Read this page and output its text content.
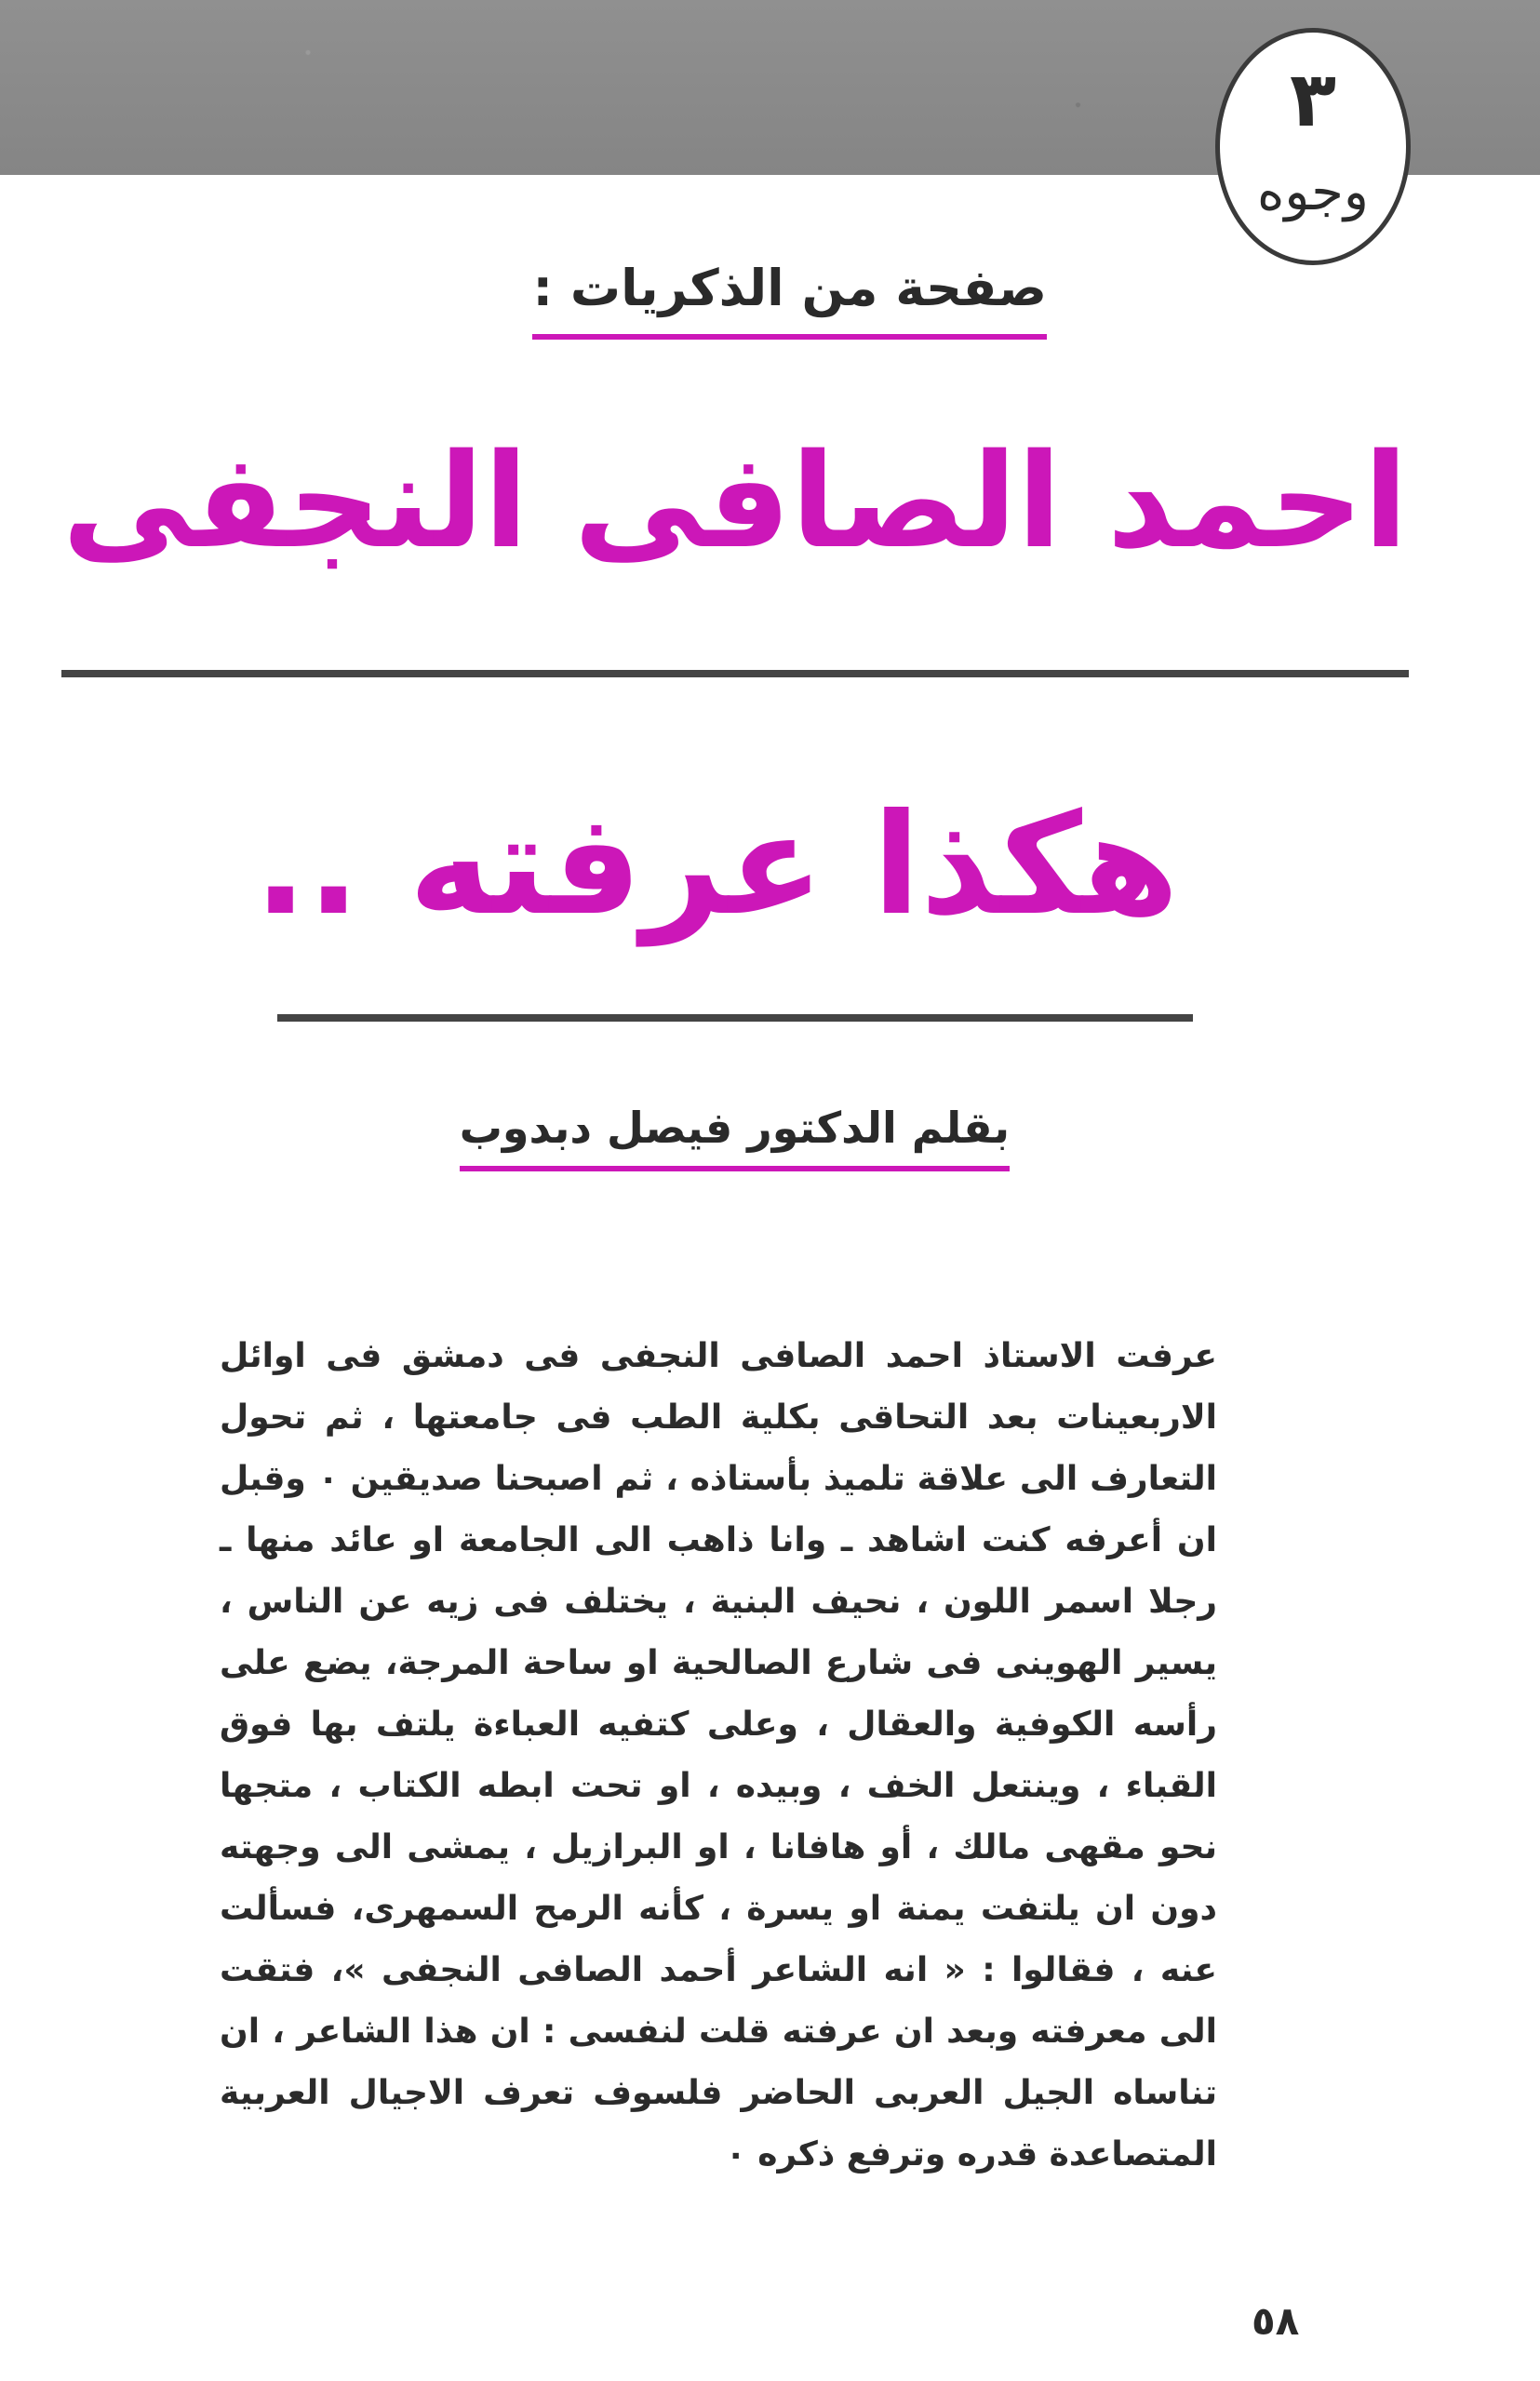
٣
وجوه
صفحة من الذكريات :
احمد الصافى النجفى
هكذا عرفته ..
بقلم الدكتور فيصل دبدوب

عرفت الاستاذ احمد الصافى النجفى فى دمشق فى اوائل الاربعينات بعد التحاقى بكلية الطب فى جامعتها ، ثم تحول التعارف الى علاقة تلميذ بأستاذه ، ثم اصبحنا صديقين ٠ وقبل ان أعرفه كنت اشاهد ـ وانا ذاهب الى الجامعة او عائد منها ـ رجلا اسمر اللون ، نحيف البنية ، يختلف فى زيه عن الناس ، يسير الهوينى فى شارع الصالحية او ساحة المرجة، يضع على رأسه الكوفية والعقال ، وعلى كتفيه العباءة يلتف بها فوق القباء ، وينتعل الخف ، وبيده ، او تحت ابطه الكتاب ، متجها نحو مقهى مالك ، أو هافانا ، او البرازيل ، يمشى الى وجهته دون ان يلتفت يمنة او يسرة ، كأنه الرمح السمهرى، فسألت عنه ، فقالوا : « انه الشاعر أحمد الصافى النجفى »، فتقت الى معرفته وبعد ان عرفته قلت لنفسى : ان هذا الشاعر ، ان تناساه الجيل العربى الحاضر فلسوف تعرف الاجيال العربية المتصاعدة قدره وترفع ذكره ٠

٥٨
